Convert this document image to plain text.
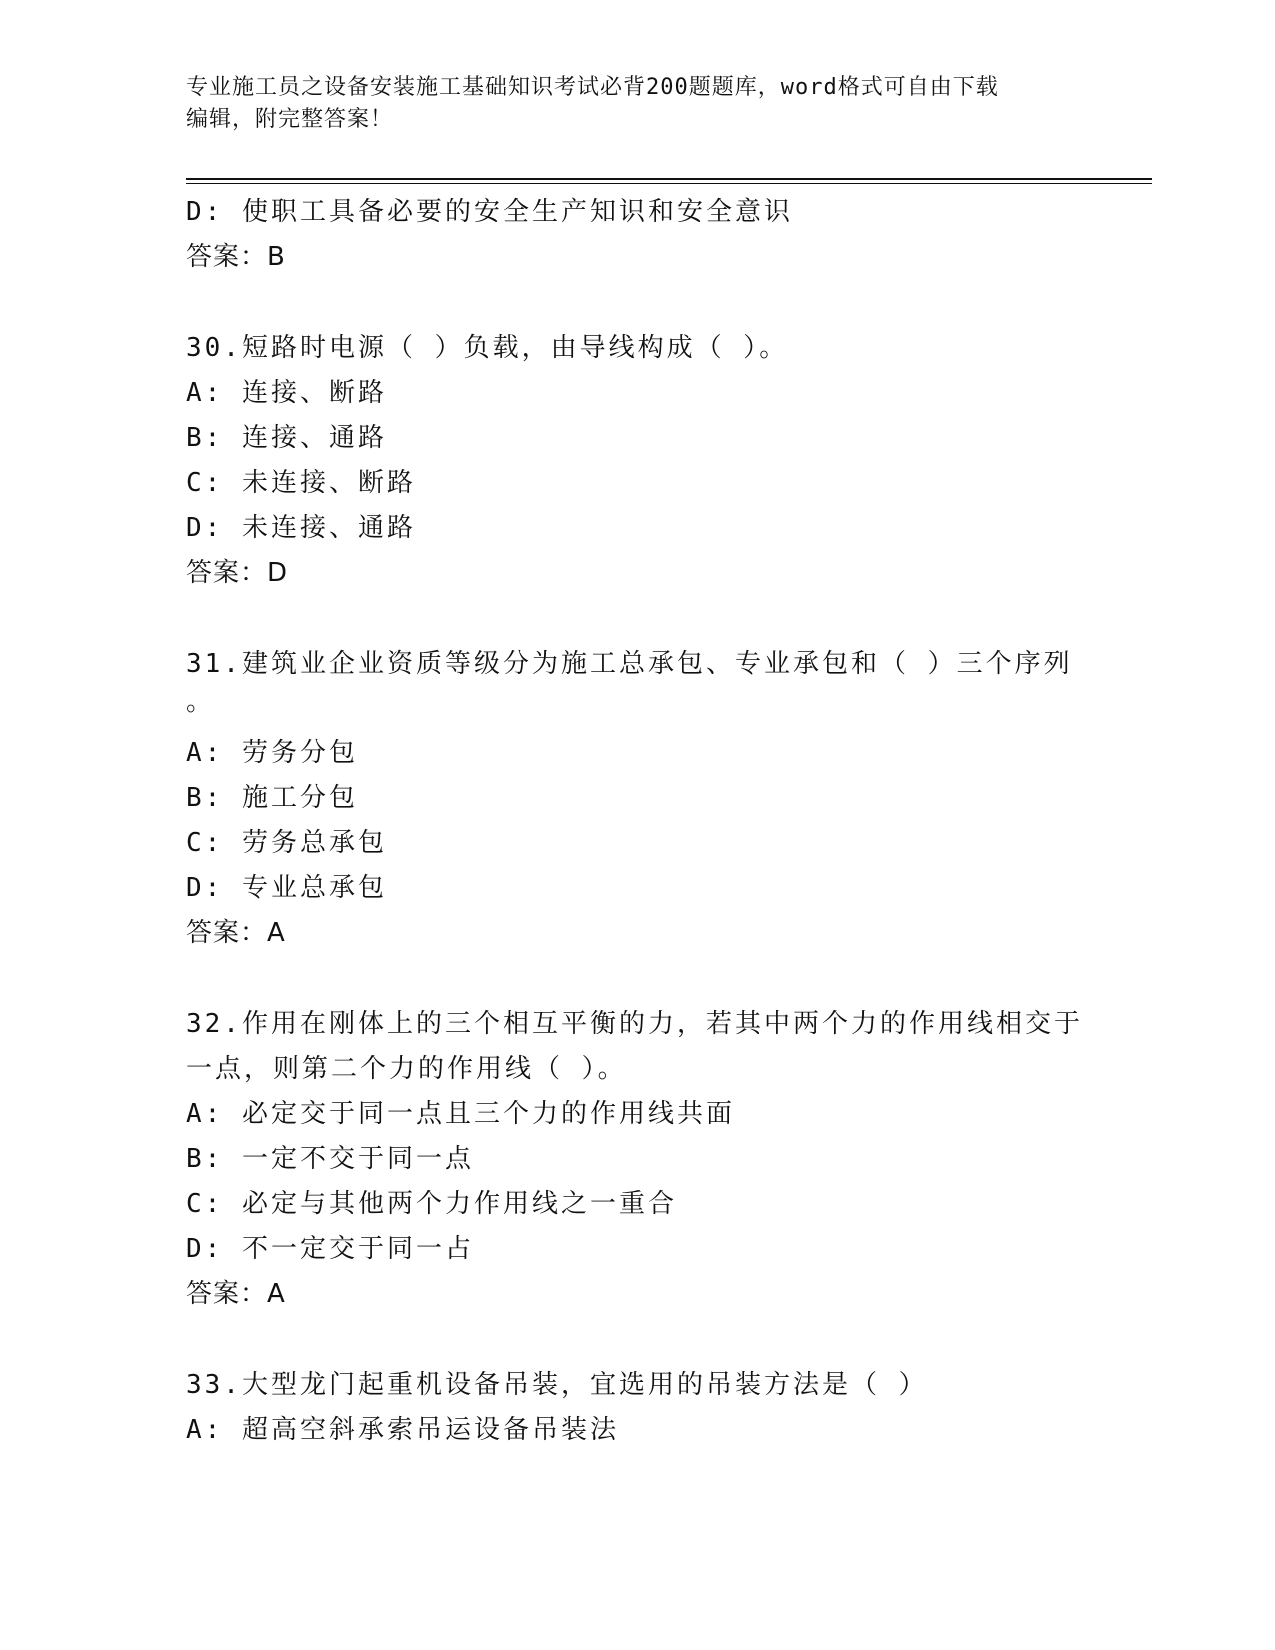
专业施工员之设备安装施工基础知识考试必背200题题库，word格式可自由下载
编辑，附完整答案！
D: 使职工具备必要的安全生产知识和安全意识
答案：B
30.短路时电源（ ）负载，由导线构成（ ）。
A: 连接、断路
B: 连接、通路
C: 未连接、断路
D: 未连接、通路
答案：D
31.建筑业企业资质等级分为施工总承包、专业承包和（ ）三个序列
。
A: 劳务分包
B: 施工分包
C: 劳务总承包
D: 专业总承包
答案：A
32.作用在刚体上的三个相互平衡的力，若其中两个力的作用线相交于
一点，则第二个力的作用线（ ）。
A: 必定交于同一点且三个力的作用线共面
B: 一定不交于同一点
C: 必定与其他两个力作用线之一重合
D: 不一定交于同一占
答案：A
33.大型龙门起重机设备吊装，宜选用的吊装方法是（ ）
A: 超高空斜承索吊运设备吊装法
